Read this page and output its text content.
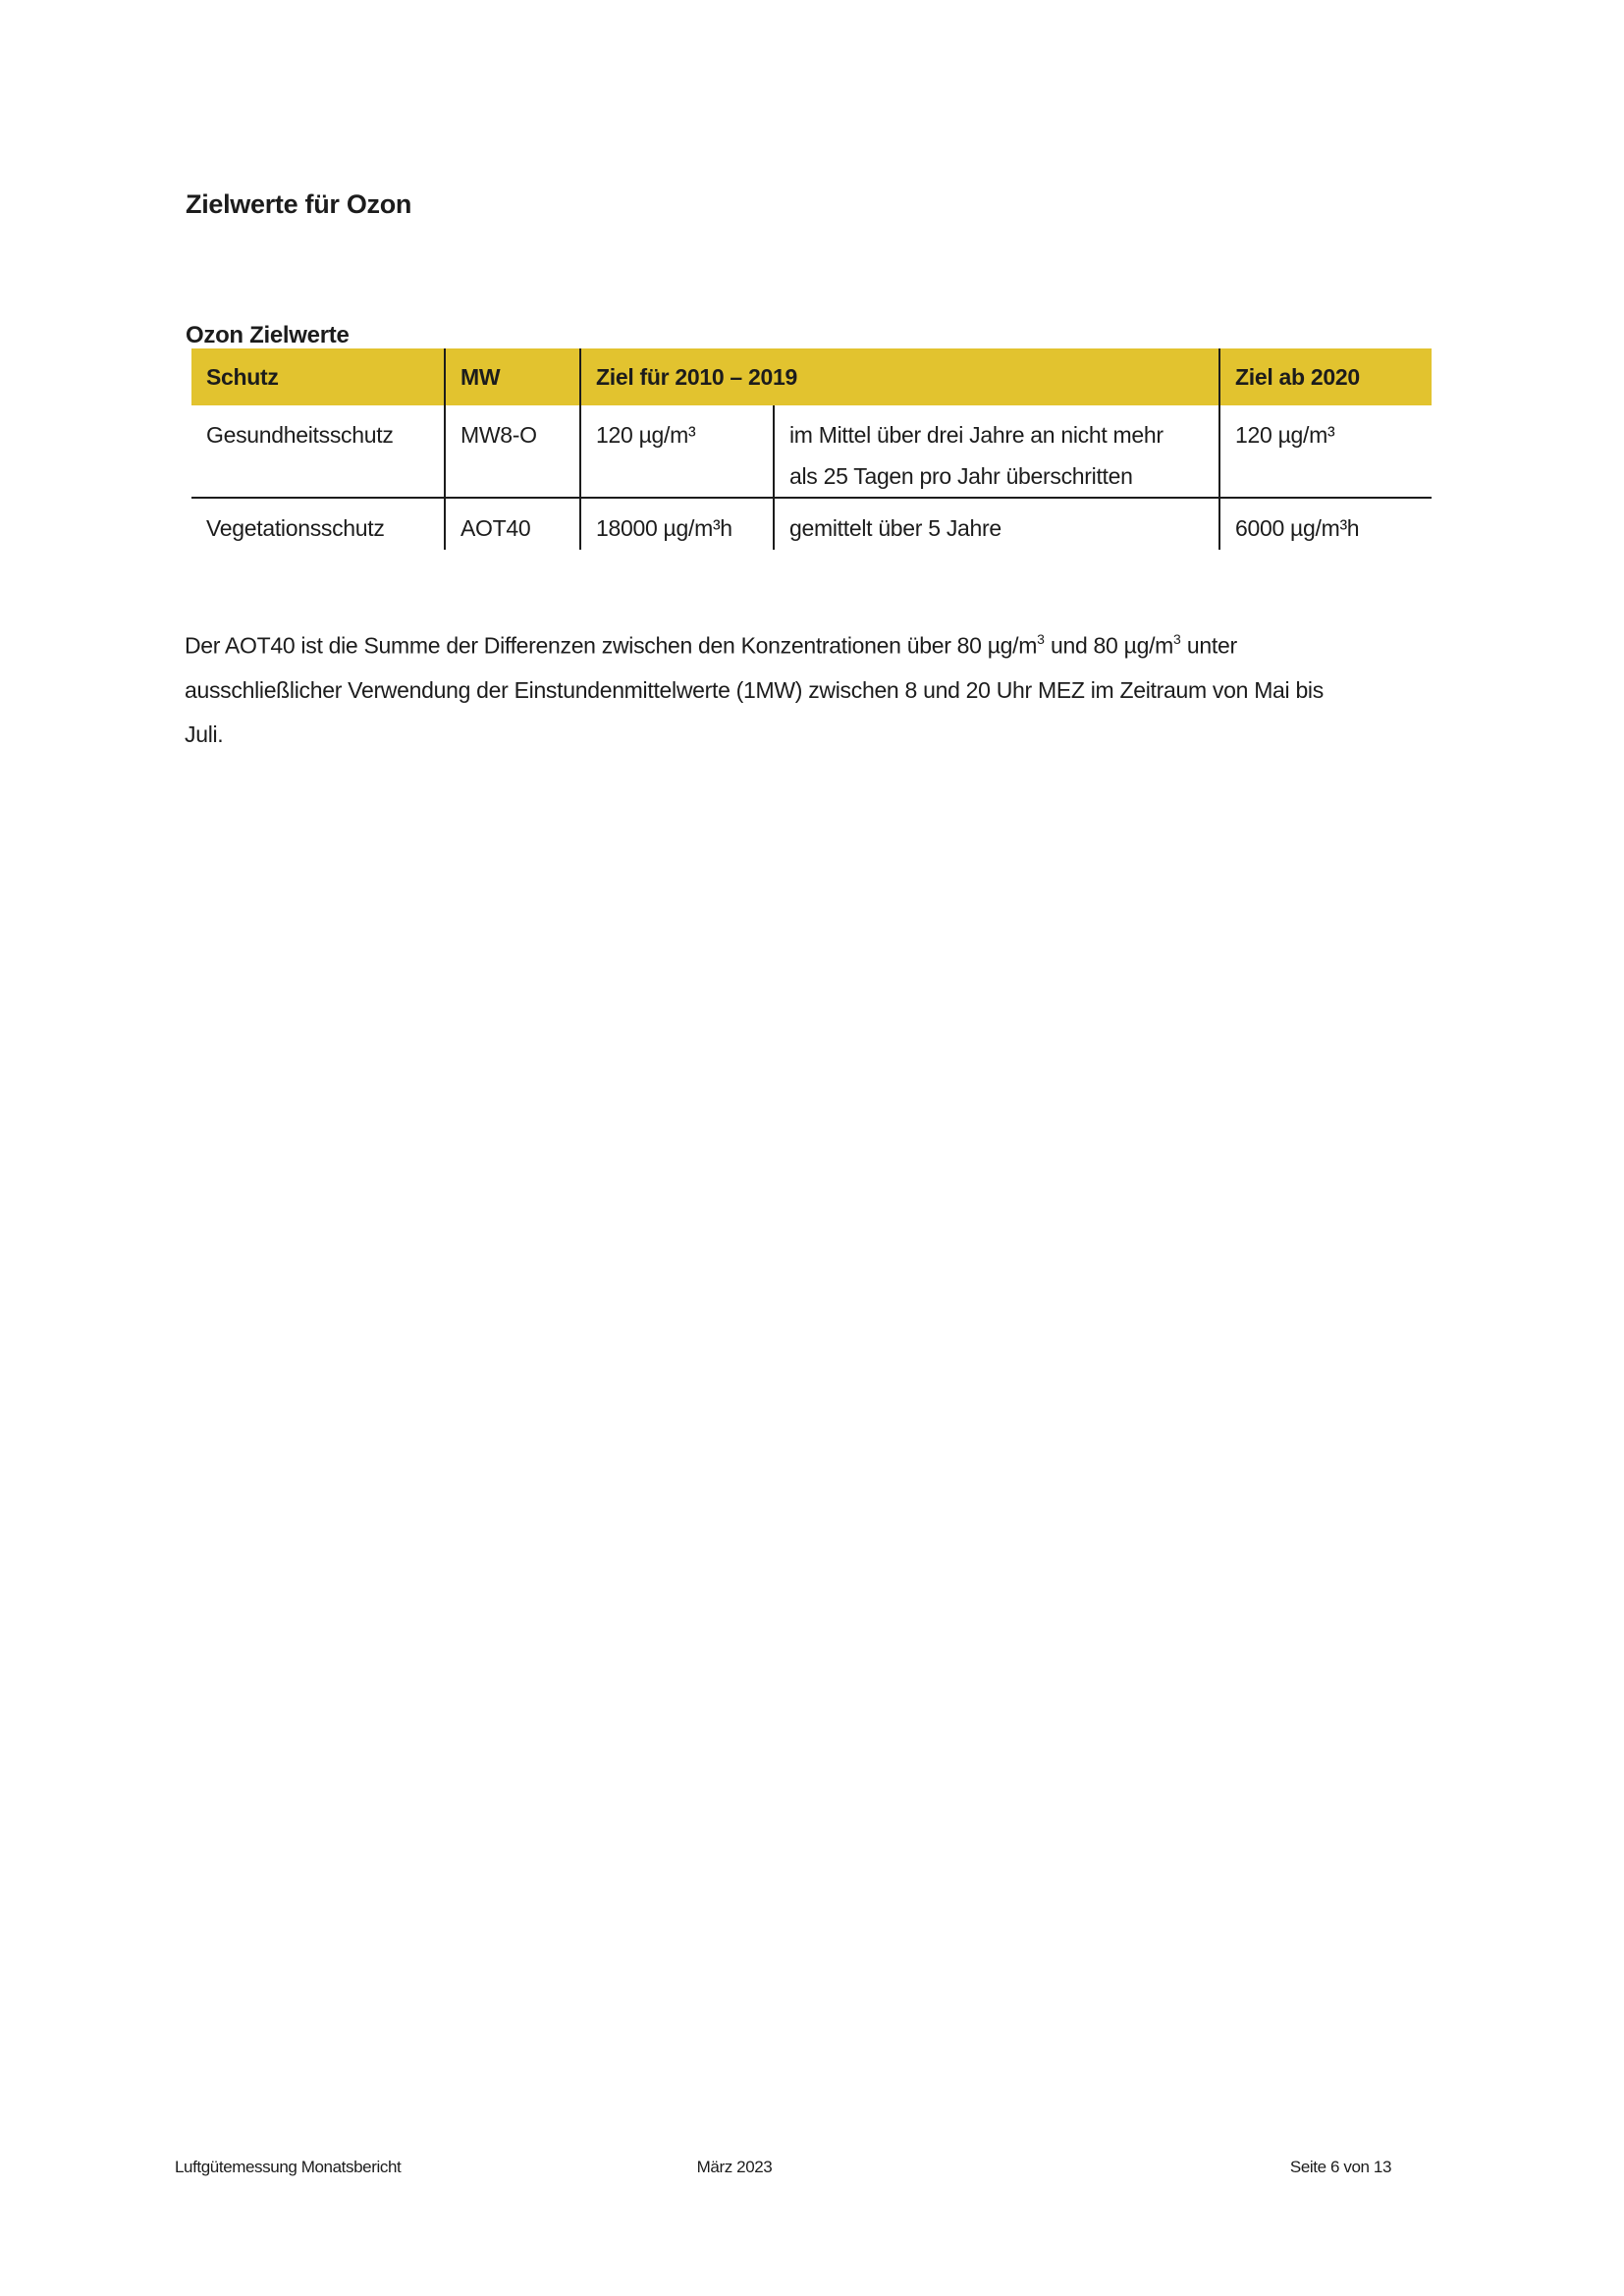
Zielwerte für Ozon
Ozon Zielwerte
Schutz	MW	Ziel für 2010 – 2019		Ziel ab 2020
Gesundheitsschutz	MW8-O	120 µg/m³	im Mittel über drei Jahre an nicht mehr
als 25 Tagen pro Jahr überschritten	120 µg/m³
Vegetationsschutz	AOT40	18000 µg/m³h	gemittelt über 5 Jahre	6000 µg/m³h

Der AOT40 ist die Summe der Differenzen zwischen den Konzentrationen über 80 $\mu g/m^3$ und 80 $\mu g/m^3$ unter
ausschließlicher Verwendung der Einstundenmittelwerte (1MW) zwischen 8 und 20 Uhr MEZ im Zeitraum von Mai bis
Juli.

Luftgütemessung Monatsbericht	März 2023	Seite 6 von 13
